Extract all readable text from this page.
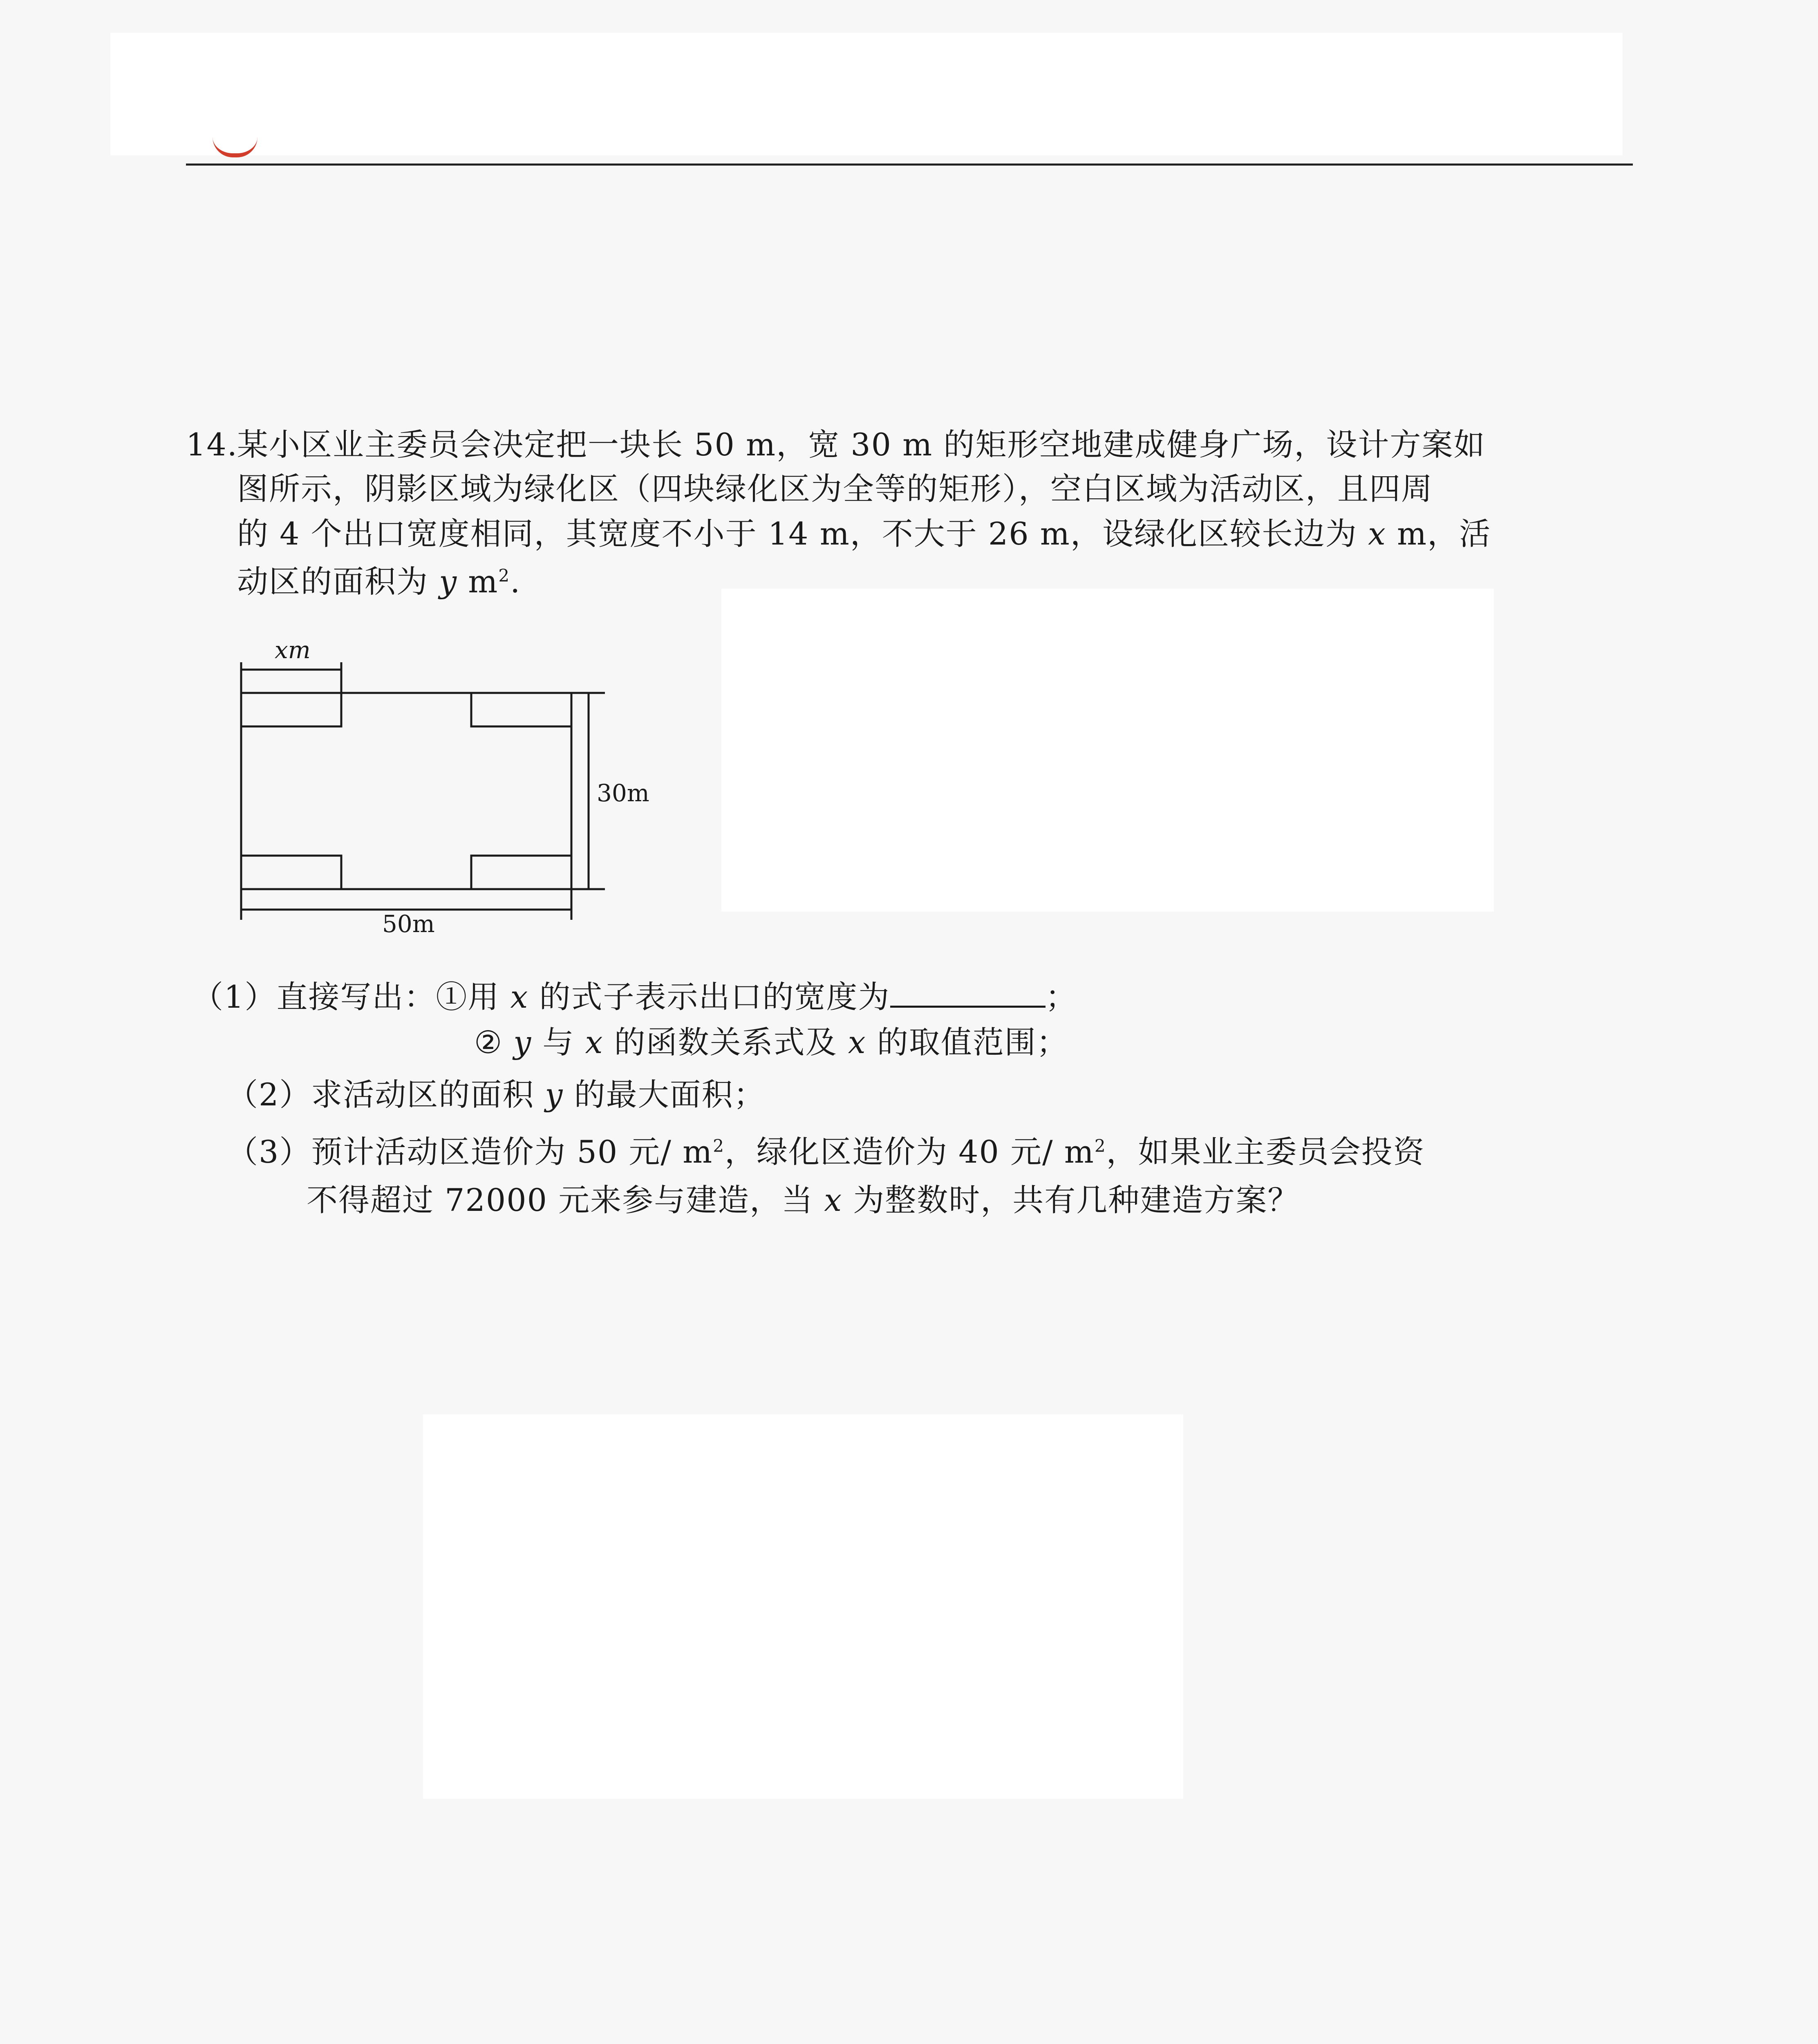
14.
某小区业主委员会决定把一块长 50 m，宽 30 m 的矩形空地建成健身广场，设计方案如
图所示，阴影区域为绿化区（四块绿化区为全等的矩形），空白区域为活动区，且四周
的 4 个出口宽度相同，其宽度不小于 14 m，不大于 26 m，设绿化区较长边为 x m，活
动区的面积为 y $m^2$.
xm
30m
50m
（1）直接写出：①用 x 的式子表示出口的宽度为	；
② y 与 x 的函数关系式及 x 的取值范围；
（2）求活动区的面积 y 的最大面积；
（3）预计活动区造价为 50 元/ $m^2$，绿化区造价为 40 元/ $m^2$，如果业主委员会投资
不得超过 72000 元来参与建造，当 x 为整数时，共有几种建造方案？
